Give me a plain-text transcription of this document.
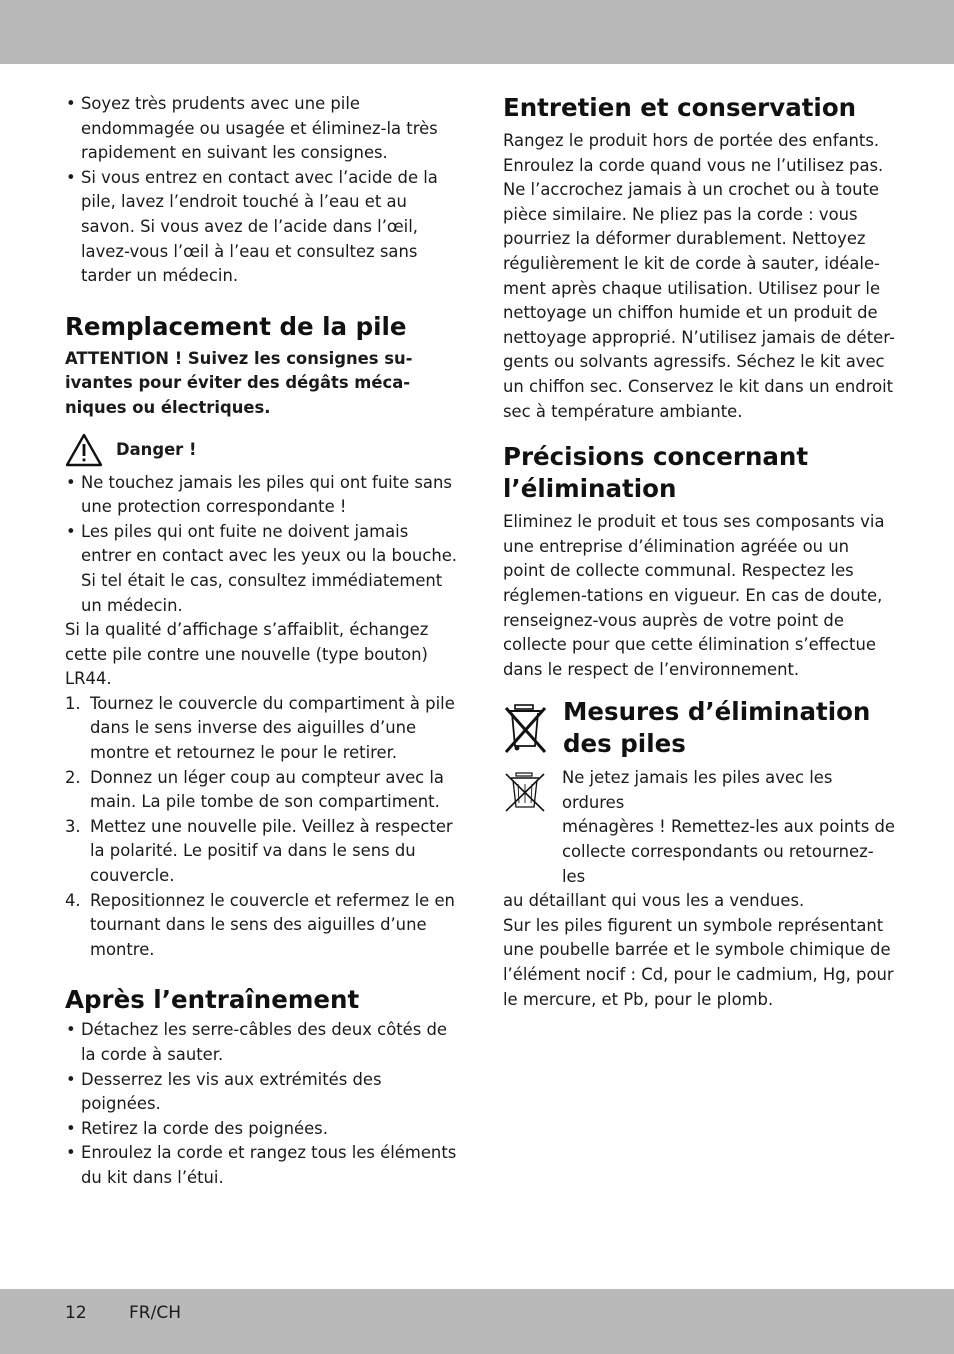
• Soyez très prudents avec une pile endommagée ou usagée et éliminez-la très rapidement en suivant les consignes.
• Si vous entrez en contact avec l’acide de la pile, lavez l’endroit touché à l’eau et au savon. Si vous avez de l’acide dans l’œil, lavez-vous l’œil à l’eau et consultez sans tarder un médecin.
Remplacement de la pile
ATTENTION ! Suivez les consignes su-
ivantes pour éviter des dégâts méca-
niques ou électriques.
Danger !
• Ne touchez jamais les piles qui ont fuite sans une protection correspondante !
• Les piles qui ont fuite ne doivent jamais entrer en contact avec les yeux ou la bouche. Si tel était le cas, consultez immédiatement un médecin.

Si la qualité d’affichage s’affaiblit, échangez cette pile contre une nouvelle (type bouton) LR44.

1. Tournez le couvercle du compartiment à pile dans le sens inverse des aiguilles d’une montre et retournez le pour le retirer.
2. Donnez un léger coup au compteur avec la main. La pile tombe de son compartiment.
3. Mettez une nouvelle pile. Veillez à respecter la polarité. Le positif va dans le sens du couvercle.
4. Repositionnez le couvercle et refermez le en tournant dans le sens des aiguilles d’une montre.
Après l’entraînement
• Détachez les serre-câbles des deux côtés de la corde à sauter.
• Desserrez les vis aux extrémités des poignées.
• Retirez la corde des poignées.
• Enroulez la corde et rangez tous les éléments du kit dans l’étui.
Entretien et conservation

Rangez le produit hors de portée des enfants. Enroulez la corde quand vous ne l’utilisez pas. Ne l’accrochez jamais à un crochet ou à toute pièce similaire. Ne pliez pas la corde : vous pourriez la déformer durablement. Nettoyez régulièrement le kit de corde à sauter, idéale-ment après chaque utilisation. Utilisez pour le nettoyage un chiffon humide et un produit de nettoyage approprié. N’utilisez jamais de déter-gents ou solvants agressifs. Séchez le kit avec un chiffon sec. Conservez le kit dans un endroit sec à température ambiante.

Précisions concernant
l’élimination

Eliminez le produit et tous ses composants via une entreprise d’élimination agréée ou un point de collecte communal. Respectez les réglemen-tations en vigueur. En cas de doute, renseignez-vous auprès de votre point de collecte pour que cette élimination s’effectue dans le respect de l’environnement.

Mesures d’élimination
des piles
Ne jetez jamais les piles avec les ordures
ménagères ! Remettez-les aux points de
collecte correspondants ou retournez-les

au détaillant qui vous les a vendues.

Sur les piles figurent un symbole représentant une poubelle barrée et le symbole chimique de l’élément nocif : Cd, pour le cadmium, Hg, pour le mercure, et Pb, pour le plomb.

12 FR/CH
